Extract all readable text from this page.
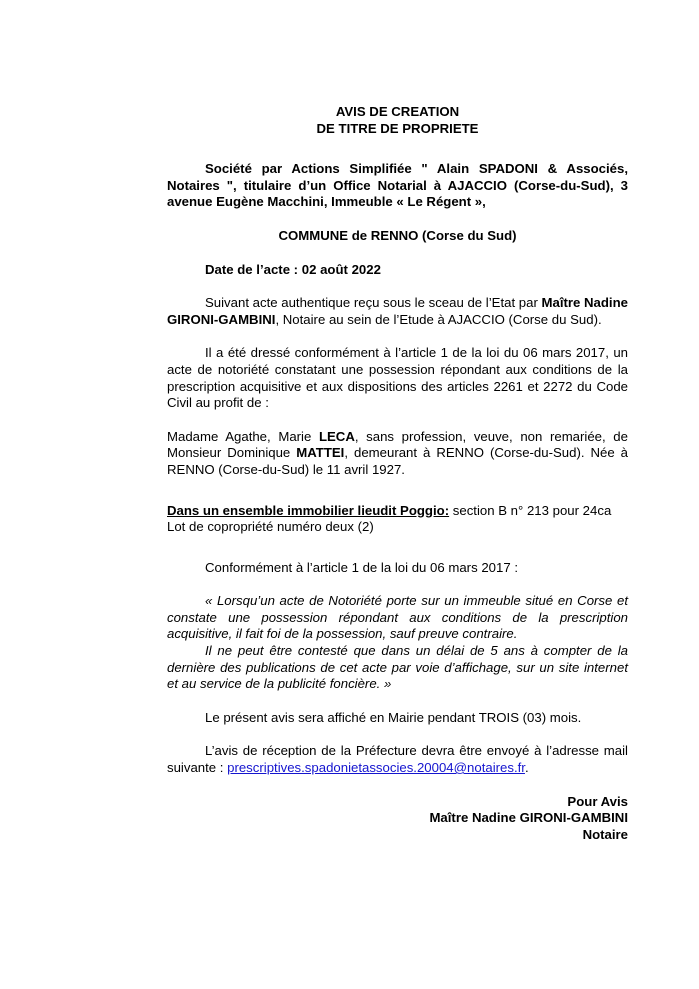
AVIS DE CREATION

DE TITRE DE PROPRIETE

Société par Actions Simplifiée " Alain SPADONI & Associés, Notaires ", titulaire d’un Office Notarial à AJACCIO (Corse-du-Sud), 3 avenue Eugène Macchini, Immeuble « Le Régent »,

COMMUNE de RENNO (Corse du Sud)

Date de l’acte : 02 août 2022

Suivant acte authentique reçu sous le sceau de l’Etat par Maître Nadine GIRONI-GAMBINI, Notaire au sein de l’Etude à AJACCIO (Corse du Sud).

Il a été dressé conformément à l’article 1 de la loi du 06 mars 2017, un acte de notoriété constatant une possession répondant aux conditions de la prescription acquisitive et aux dispositions des articles 2261 et 2272 du Code Civil au profit de :

Madame Agathe, Marie LECA, sans profession, veuve, non remariée, de Monsieur Dominique MATTEI, demeurant à RENNO (Corse-du-Sud). Née à RENNO (Corse-du-Sud) le 11 avril 1927.

Dans un ensemble immobilier lieudit Poggio: section B n° 213 pour 24ca

Lot de copropriété numéro deux (2)

Conformément à l’article 1 de la loi du 06 mars 2017 :

« Lorsqu’un acte de Notoriété porte sur un immeuble situé en Corse et constate une possession répondant aux conditions de la prescription acquisitive, il fait foi de la possession, sauf preuve contraire.

Il ne peut être contesté que dans un délai de 5 ans à compter de la dernière des publications de cet acte par voie d’affichage, sur un site internet et au service de la publicité foncière. »

Le présent avis sera affiché en Mairie pendant TROIS (03) mois.

L’avis de réception de la Préfecture devra être envoyé à l’adresse mail suivante : prescriptives.spadonietassocies.20004@notaires.fr.

Pour Avis

Maître Nadine GIRONI-GAMBINI

Notaire
